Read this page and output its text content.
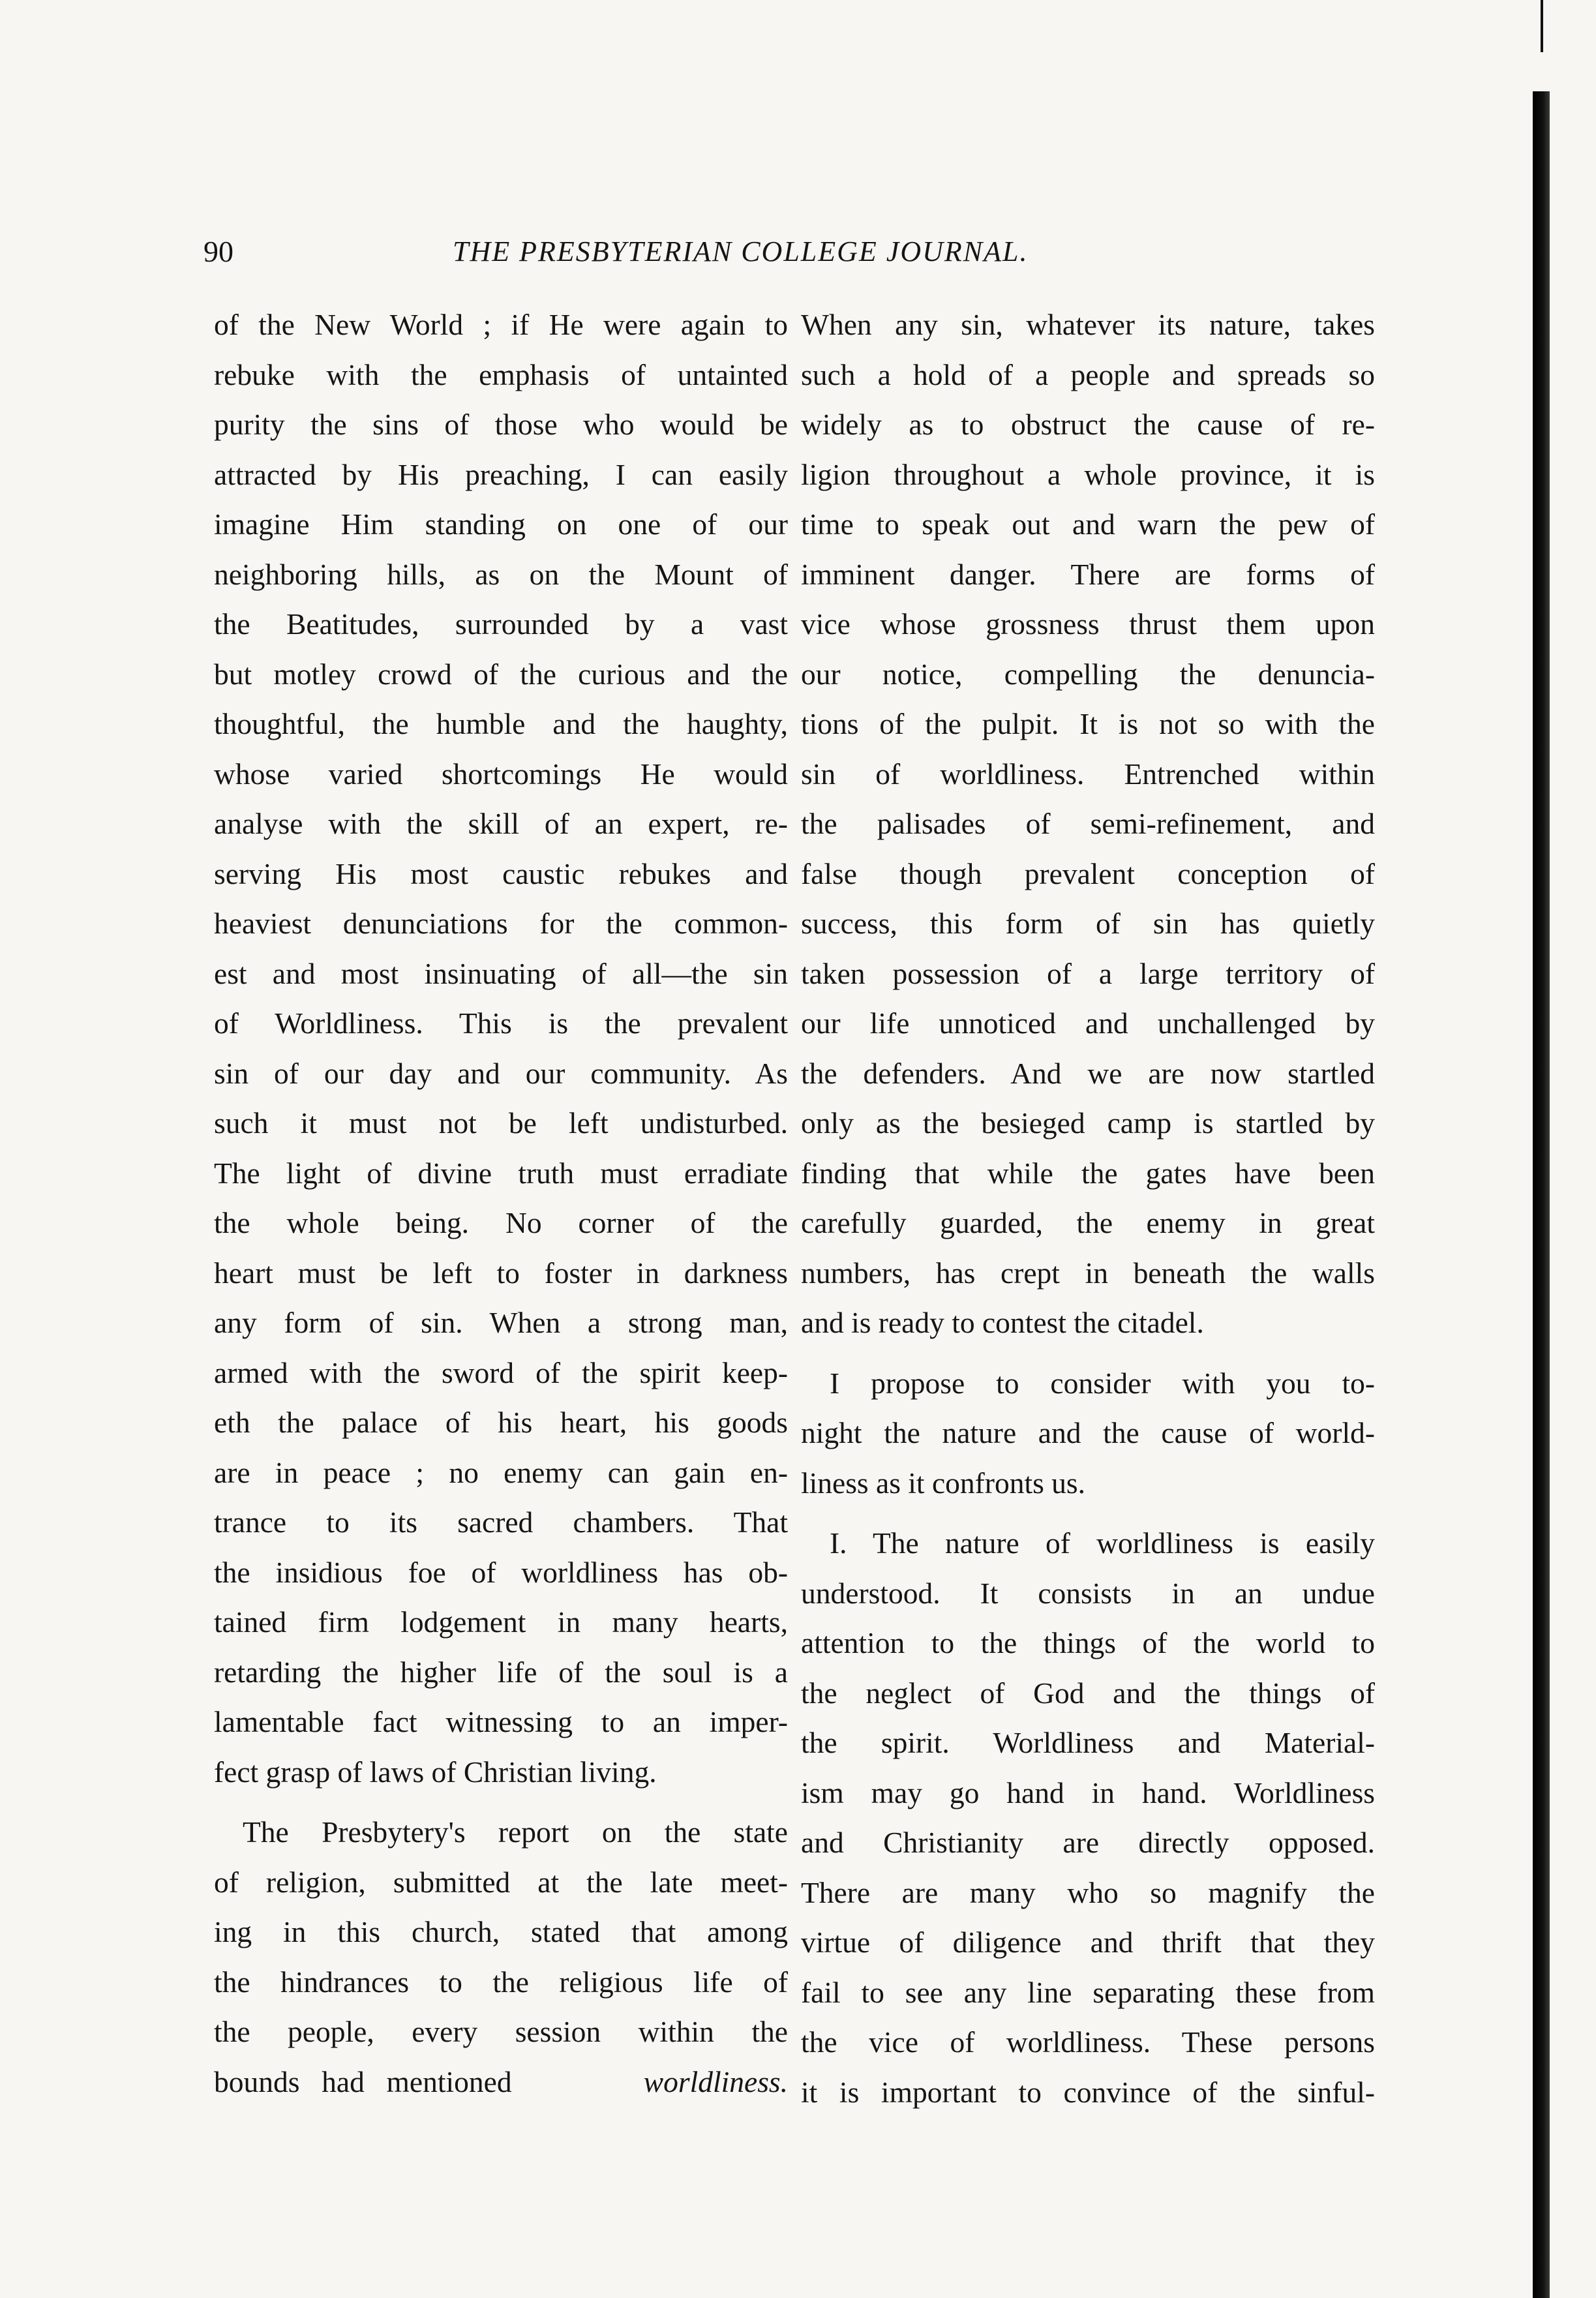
90	THE PRESBYTERIAN COLLEGE JOURNAL.
of the New World ; if He were again to
rebuke with the emphasis of untainted
purity the sins of those who would be
attracted by His preaching, I can easily
imagine Him standing on one of our
neighboring hills, as on the Mount of
the Beatitudes, surrounded by a vast
but motley crowd of the curious and the
thoughtful, the humble and the haughty,
whose varied shortcomings He would
analyse with the skill of an expert, re-
serving His most caustic rebukes and
heaviest denunciations for the common-
est and most insinuating of all—the sin
of Worldliness. This is the prevalent
sin of our day and our community. As
such it must not be left undisturbed.
The light of divine truth must erradiate
the whole being. No corner of the
heart must be left to foster in darkness
any form of sin. When a strong man,
armed with the sword of the spirit keep-
eth the palace of his heart, his goods
are in peace ; no enemy can gain en-
trance to its sacred chambers. That
the insidious foe of worldliness has ob-
tained firm lodgement in many hearts,
retarding the higher life of the soul is a
lamentable fact witnessing to an imper-
fect grasp of laws of Christian living.
The Presbytery's report on the state
of religion, submitted at the late meet-
ing in this church, stated that among
the hindrances to the religious life of
the people, every session within the
bounds had mentioned	worldliness.
When any sin, whatever its nature, takes
such a hold of a people and spreads so
widely as to obstruct the cause of re-
ligion throughout a whole province, it is
time to speak out and warn the pew of
imminent danger. There are forms of
vice whose grossness thrust them upon
our notice, compelling the denuncia-
tions of the pulpit. It is not so with the
sin of worldliness. Entrenched within
the palisades of semi-refinement, and
false though prevalent conception of
success, this form of sin has quietly
taken possession of a large territory of
our life unnoticed and unchallenged by
the defenders. And we are now startled
only as the besieged camp is startled by
finding that while the gates have been
carefully guarded, the enemy in great
numbers, has crept in beneath the walls
and is ready to contest the citadel.
I propose to consider with you to-
night the nature and the cause of world-
liness as it confronts us.
I. The nature of worldliness is easily
understood. It consists in an undue
attention to the things of the world to
the neglect of God and the things of
the spirit. Worldliness and Material-
ism may go hand in hand. Worldliness
and Christianity are directly opposed.
There are many who so magnify the
virtue of diligence and thrift that they
fail to see any line separating these from
the vice of worldliness. These persons
it is important to convince of the sinful-
